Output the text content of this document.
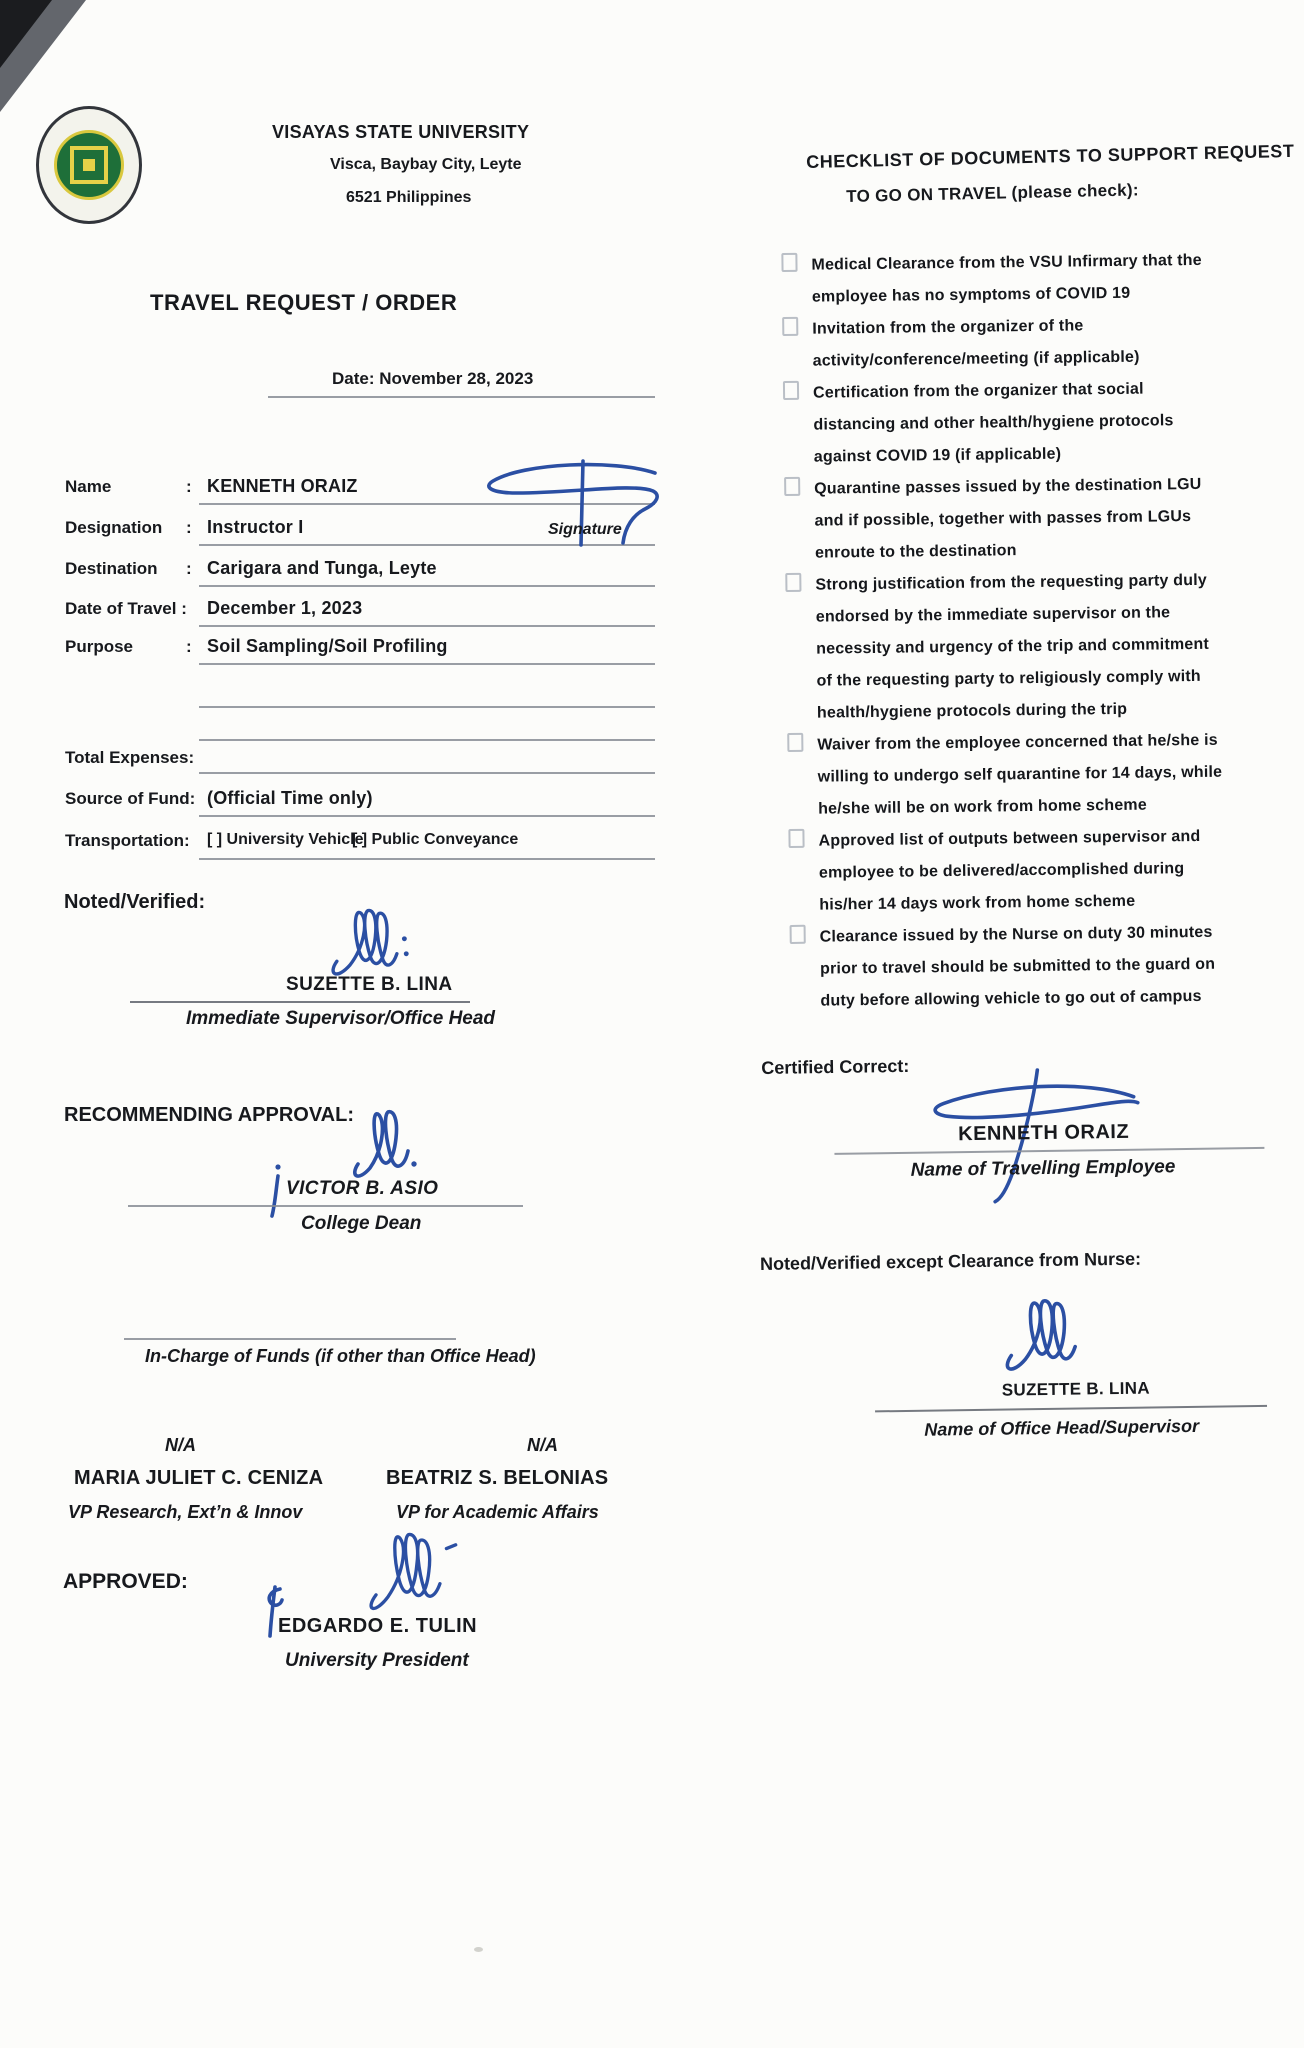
VISAYAS STATE UNIVERSITY
Visca, Baybay City, Leyte
6521 Philippines
TRAVEL REQUEST / ORDER
Date: November 28, 2023
Name	: KENNETH ORAIZ
Designation : Instructor I
Destination : Carigara and Tunga, Leyte
Date of Travel : December 1, 2023
Purpose	: Soil Sampling/Soil Profiling
Total Expenses:
Source of Fund: (Official Time only)
Transportation: [ ] University Vehicle
[ ] Public Conveyance
Signature
Noted/Verified:
SUZETTE B. LINA
Immediate Supervisor/Office Head
RECOMMENDING APPROVAL:
VICTOR B. ASIO
College Dean
In-Charge of Funds (if other than Office Head)
N/A	N/A
MARIA JULIET C. CENIZA	BEATRIZ S. BELONIAS
VP Research, Ext’n & Innov	VP for Academic Affairs
APPROVED:
EDGARDO E. TULIN
University President
CHECKLIST OF DOCUMENTS TO SUPPORT REQUEST
TO GO ON TRAVEL (please check):
Medical Clearance from the VSU Infirmary that the
employee has no symptoms of COVID 19
Invitation from the organizer of the
activity/conference/meeting (if applicable)
Certification from the organizer that social
distancing and other health/hygiene protocols
against COVID 19 (if applicable)
Quarantine passes issued by the destination LGU
and if possible, together with passes from LGUs
enroute to the destination
Strong justification from the requesting party duly
endorsed by the immediate supervisor on the
necessity and urgency of the trip and commitment
of the requesting party to religiously comply with
health/hygiene protocols during the trip
Waiver from the employee concerned that he/she is
willing to undergo self quarantine for 14 days, while
he/she will be on work from home scheme
Approved list of outputs between supervisor and
employee to be delivered/accomplished during
his/her 14 days work from home scheme
Clearance issued by the Nurse on duty 30 minutes
prior to travel should be submitted to the guard on
duty before allowing vehicle to go out of campus
Certified Correct:
KENNETH ORAIZ
Name of Travelling Employee
Noted/Verified except Clearance from Nurse:
SUZETTE B. LINA
Name of Office Head/Supervisor
